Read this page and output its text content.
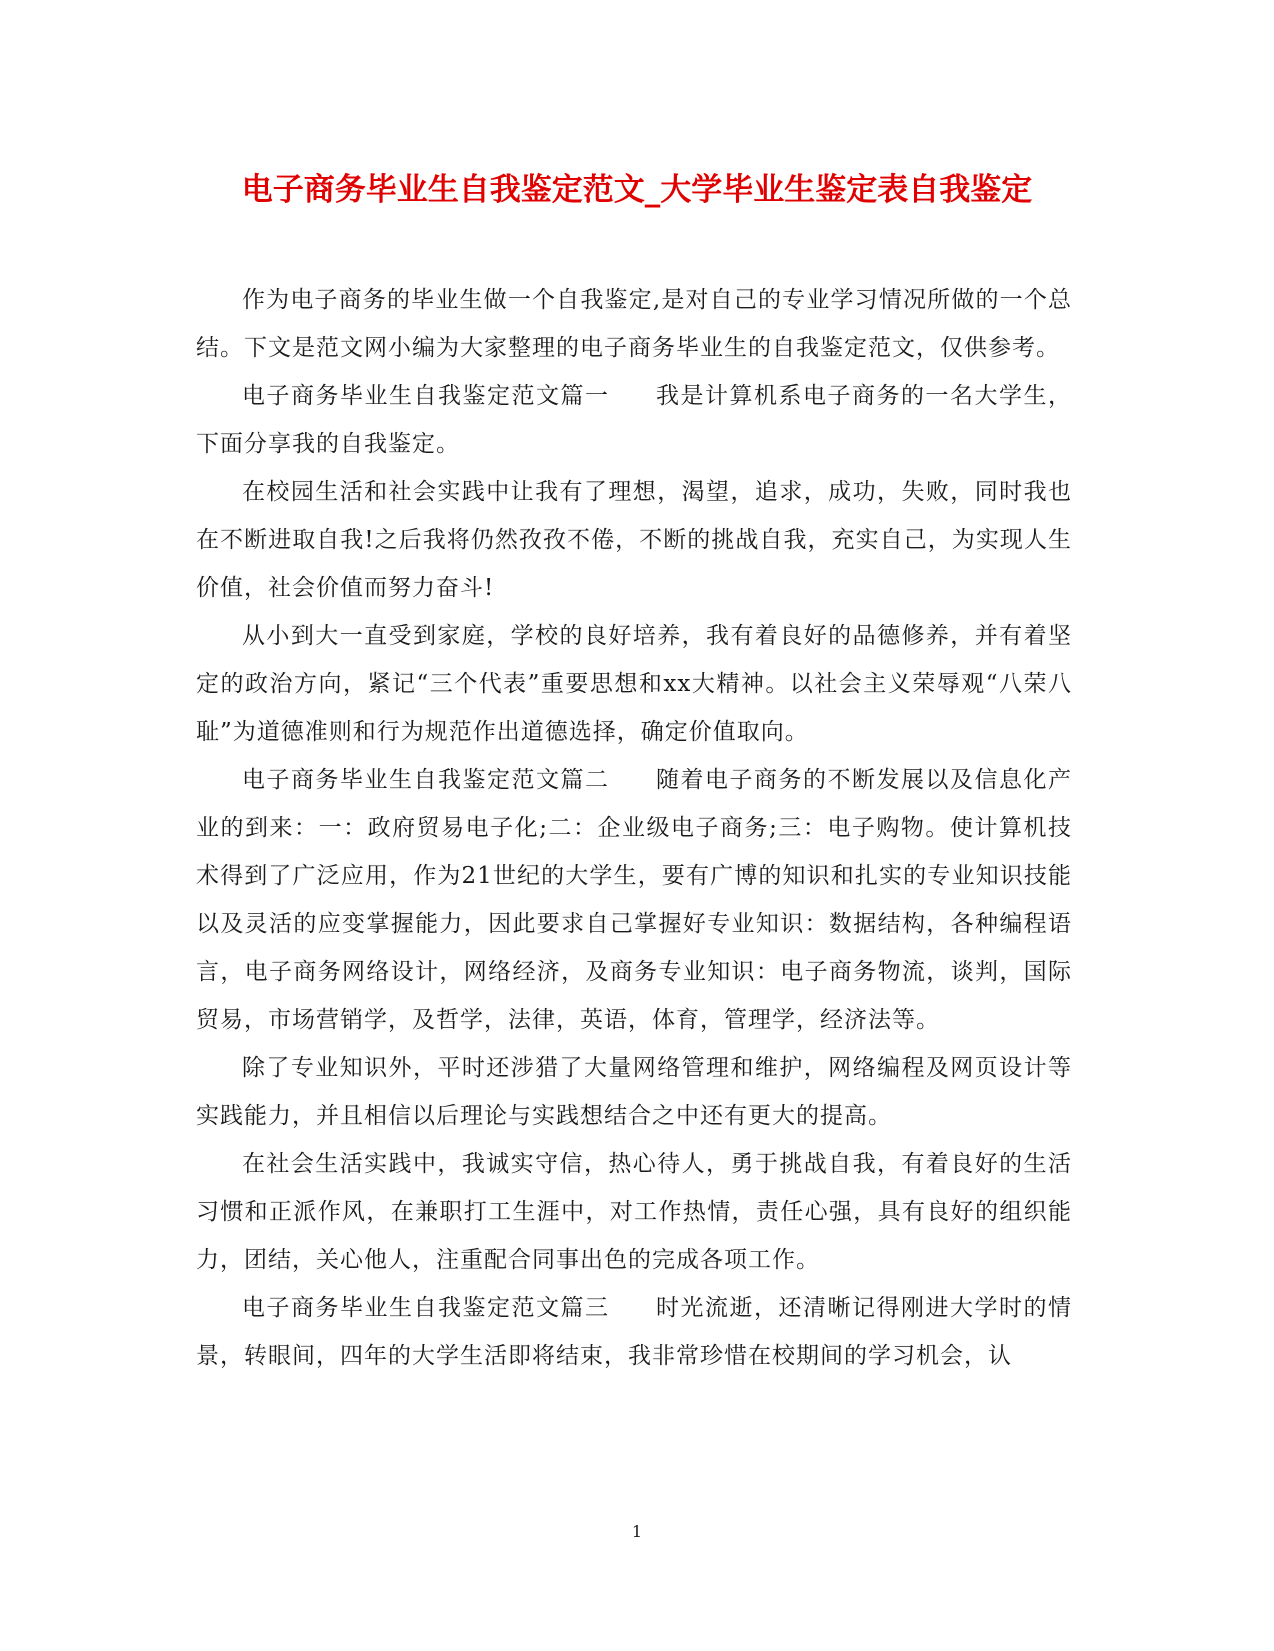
电子商务毕业生自我鉴定范文_大学毕业生鉴定表自我鉴定

作为电子商务的毕业生做一个自我鉴定,是对自己的专业学习情况所做的一个总结。下文是范文网小编为大家整理的电子商务毕业生的自我鉴定范文，仅供参考。

电子商务毕业生自我鉴定范文篇一 我是计算机系电子商务的一名大学生，下面分享我的自我鉴定。

在校园生活和社会实践中让我有了理想，渴望，追求，成功，失败，同时我也在不断进取自我!之后我将仍然孜孜不倦，不断的挑战自我，充实自己，为实现人生价值，社会价值而努力奋斗!

从小到大一直受到家庭，学校的良好培养，我有着良好的品德修养，并有着坚定的政治方向，紧记“三个代表”重要思想和xx大精神。以社会主义荣辱观“八荣八耻”为道德准则和行为规范作出道德选择，确定价值取向。

电子商务毕业生自我鉴定范文篇二 随着电子商务的不断发展以及信息化产业的到来：一：政府贸易电子化;二：企业级电子商务;三：电子购物。使计算机技术得到了广泛应用，作为21世纪的大学生，要有广博的知识和扎实的专业知识技能以及灵活的应变掌握能力，因此要求自己掌握好专业知识：数据结构，各种编程语言，电子商务网络设计，网络经济，及商务专业知识：电子商务物流，谈判，国际贸易，市场营销学，及哲学，法律，英语，体育，管理学，经济法等。

除了专业知识外，平时还涉猎了大量网络管理和维护，网络编程及网页设计等实践能力，并且相信以后理论与实践想结合之中还有更大的提高。

在社会生活实践中，我诚实守信，热心待人，勇于挑战自我，有着良好的生活习惯和正派作风，在兼职打工生涯中，对工作热情，责任心强，具有良好的组织能力，团结，关心他人，注重配合同事出色的完成各项工作。

电子商务毕业生自我鉴定范文篇三 时光流逝，还清晰记得刚进大学时的情景，转眼间，四年的大学生活即将结束，我非常珍惜在校期间的学习机会，认

1
